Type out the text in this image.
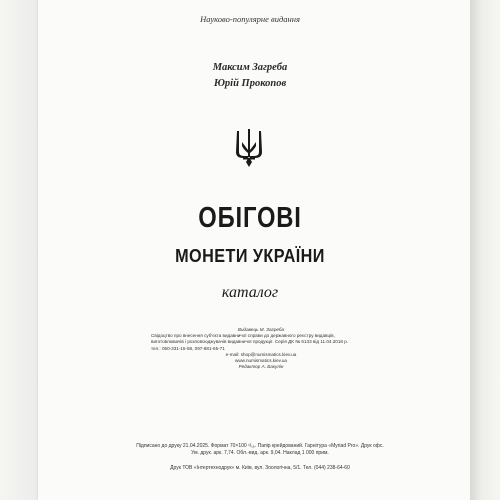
Науково-популярне видання
Максим Загреба
Юрій Прокопов
ОБІГОВІ
МОНЕТИ УКРАЇНИ
каталог
Видавець М. Загреба
Свідоцтво про внесення суб'єкта видавничої справи до державного реєстру видавців,
виготовлювачів і розповсюджувачів видавничої продукції. Серія ДК № 6133 від 11.04.2018 р.
тел.: 050-331-15-58, 097-881-65-71
e-mail: shop@numismatics.kiev.ua
www.numismatics.kiev.ua
Редактор А. Бакулін
Підписано до друку 21.04.2025. Формат 70×100 ¹/₁₆. Папір крейдований. Гарнітура «Myriad Pro». Друк офс.
Ум. друк. арк. 7,74. Обл.-вид. арк. 9,04. Наклад 1 000 прим.
Друк ТОВ «Інтертехнодрук» м. Київ, вул. Зоологічна, 5/1. Тел. (044) 238-64-60
